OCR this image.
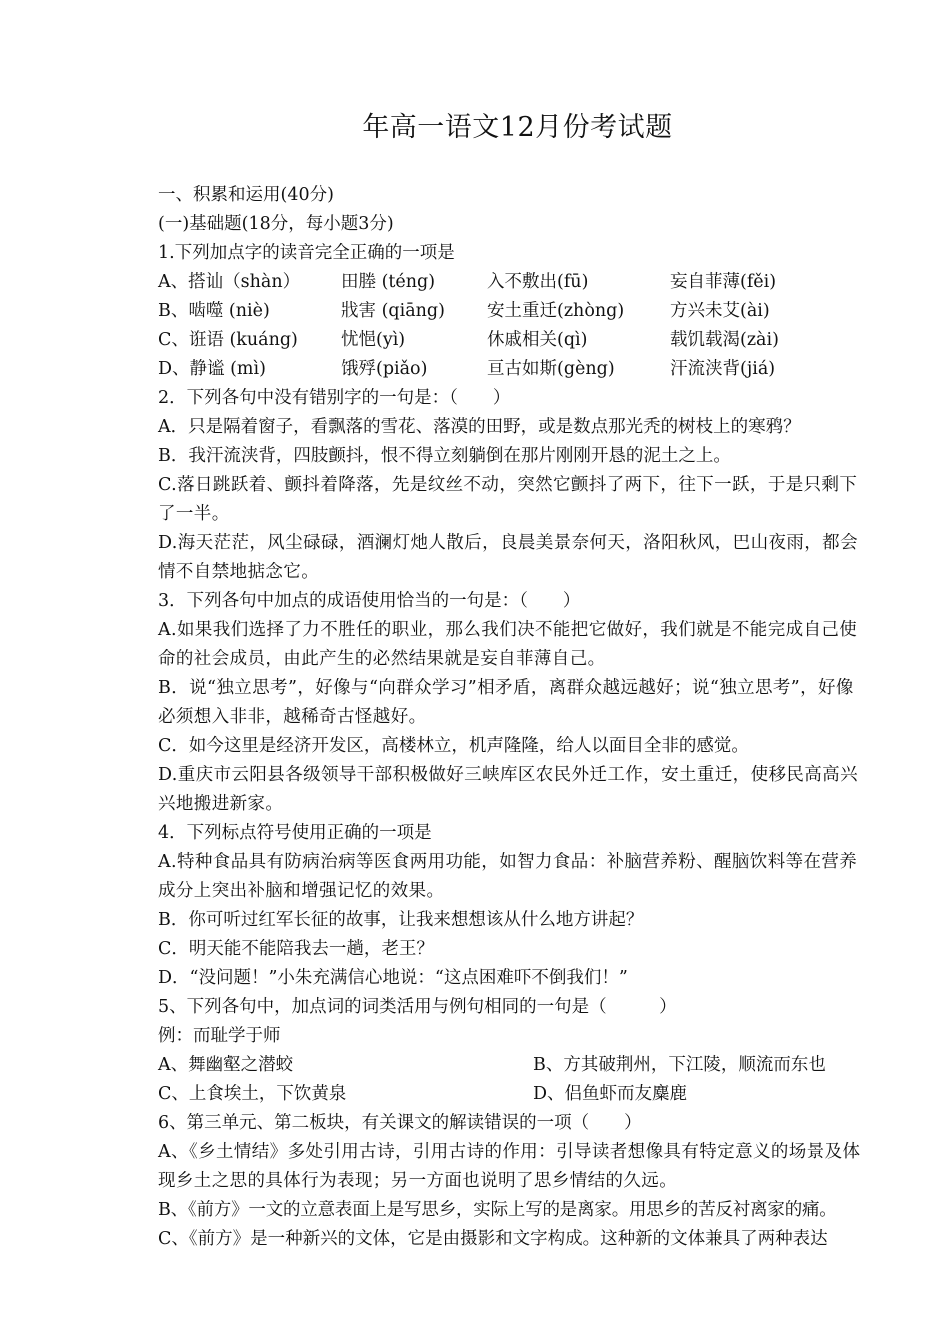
年高一语文12月份考试题
一、积累和运用(40分)
(一)基础题(18分，每小题3分)
1.下列加点字的读音完全正确的一项是
A、搭讪（shàn）	田塍 (téng)	入不敷出(fū)	妄自菲薄(fěi)
B、啮噬 (niè)	戕害 (qiāng)	安土重迁(zhòng)	方兴未艾(ài)
C、诳语 (kuáng)	忧悒(yì)	休戚相关(qì)	载饥载渴(zài)
D、静谧 (mì)	饿殍(piǎo)	亘古如斯(gèng)	汗流浃背(jiá)
2．下列各句中没有错别字的一句是：（　　）
A．只是隔着窗子，看飘落的雪花、落漠的田野，或是数点那光秃的树枝上的寒鸦？
B．我汗流浃背，四肢颤抖，恨不得立刻躺倒在那片刚刚开恳的泥土之上。
C.落日跳跃着、颤抖着降落，先是纹丝不动，突然它颤抖了两下，往下一跃，于是只剩下了一半。
D.海天茫茫，风尘碌碌，酒澜灯灺人散后，良晨美景奈何天，洛阳秋风，巴山夜雨，都会情不自禁地掂念它。
3．下列各句中加点的成语使用恰当的一句是：（　　）
A.如果我们选择了力不胜任的职业，那么我们决不能把它做好，我们就是不能完成自己使命的社会成员，由此产生的必然结果就是妄自菲薄自己。
B．说“独立思考”，好像与“向群众学习”相矛盾，离群众越远越好；说“独立思考”，好像必须想入非非，越稀奇古怪越好。
C．如今这里是经济开发区，高楼林立，机声隆隆，给人以面目全非的感觉。
D.重庆市云阳县各级领导干部积极做好三峡库区农民外迁工作，安土重迁，使移民高高兴兴地搬进新家。
4．下列标点符号使用正确的一项是
A.特种食品具有防病治病等医食两用功能，如智力食品：补脑营养粉、醒脑饮料等在营养成分上突出补脑和增强记忆的效果。
B．你可听过红军长征的故事，让我来想想该从什么地方讲起？
C．明天能不能陪我去一趟，老王？
D．“没问题！”小朱充满信心地说：“这点困难吓不倒我们！”
5、下列各句中，加点词的词类活用与例句相同的一句是（　　　）
例：而耻学于师
A、舞幽壑之潜蛟	B、方其破荆州，下江陵，顺流而东也
C、上食埃土，下饮黄泉	D、侣鱼虾而友麋鹿
6、第三单元、第二板块，有关课文的解读错误的一项（　　）
A、《乡土情结》多处引用古诗，引用古诗的作用：引导读者想像具有特定意义的场景及体现乡土之思的具体行为表现；另一方面也说明了思乡情结的久远。
B、《前方》一文的立意表面上是写思乡，实际上写的是离家。用思乡的苦反衬离家的痛。
C、《前方》是一种新兴的文体，它是由摄影和文字构成。这种新的文体兼具了两种表达
